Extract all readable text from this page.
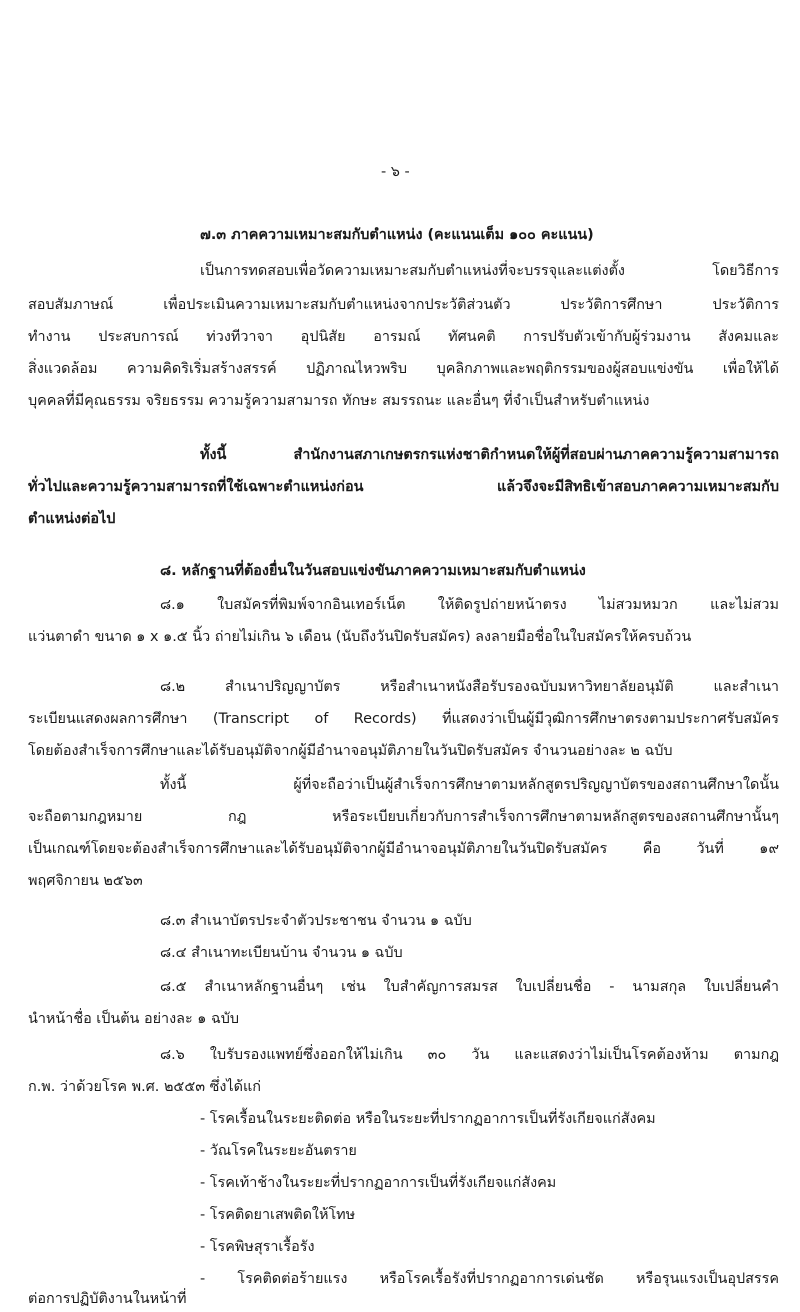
- ๖ -

๗.๓ ภาคความเหมาะสมกับตำแหน่ง (คะแนนเต็ม ๑๐๐ คะแนน)

เป็นการทดสอบเพื่อวัดความเหมาะสมกับตำแหน่งที่จะบรรจุและแต่งตั้ง โดยวิธีการ

สอบสัมภาษณ์ เพื่อประเมินความเหมาะสมกับตำแหน่งจากประวัติส่วนตัว ประวัติการศึกษา ประวัติการ

ทำงาน ประสบการณ์ ท่วงทีวาจา อุปนิสัย อารมณ์ ทัศนคติ การปรับตัวเข้ากับผู้ร่วมงาน สังคมและ

สิ่งแวดล้อม ความคิดริเริ่มสร้างสรรค์ ปฏิภาณไหวพริบ บุคลิกภาพและพฤติกรรมของผู้สอบแข่งขัน เพื่อให้ได้

บุคคลที่มีคุณธรรม จริยธรรม ความรู้ความสามารถ ทักษะ สมรรถนะ และอื่นๆ ที่จำเป็นสำหรับตำแหน่ง

ทั้งนี้ สำนักงานสภาเกษตรกรแห่งชาติกำหนดให้ผู้ที่สอบผ่านภาคความรู้ความสามารถ

ทั่วไปและความรู้ความสามารถที่ใช้เฉพาะตำแหน่งก่อน แล้วจึงจะมีสิทธิเข้าสอบภาคความเหมาะสมกับ

ตำแหน่งต่อไป

๘. หลักฐานที่ต้องยื่นในวันสอบแข่งขันภาคความเหมาะสมกับตำแหน่ง

๘.๑ ใบสมัครที่พิมพ์จากอินเทอร์เน็ต ให้ติดรูปถ่ายหน้าตรง ไม่สวมหมวก และไม่สวม

แว่นตาดำ ขนาด ๑ x ๑.๕ นิ้ว ถ่ายไม่เกิน ๖ เดือน (นับถึงวันปิดรับสมัคร) ลงลายมือชื่อในใบสมัครให้ครบถ้วน

๘.๒ สำเนาปริญญาบัตร หรือสำเนาหนังสือรับรองฉบับมหาวิทยาลัยอนุมัติ และสำเนา

ระเบียนแสดงผลการศึกษา (Transcript of Records) ที่แสดงว่าเป็นผู้มีวุฒิการศึกษาตรงตามประกาศรับสมัคร

โดยต้องสำเร็จการศึกษาและได้รับอนุมัติจากผู้มีอำนาจอนุมัติภายในวันปิดรับสมัคร จำนวนอย่างละ ๒ ฉบับ

ทั้งนี้ ผู้ที่จะถือว่าเป็นผู้สำเร็จการศึกษาตามหลักสูตรปริญญาบัตรของสถานศึกษาใดนั้น

จะถือตามกฎหมาย กฎ หรือระเบียบเกี่ยวกับการสำเร็จการศึกษาตามหลักสูตรของสถานศึกษานั้นๆ

เป็นเกณฑ์โดยจะต้องสำเร็จการศึกษาและได้รับอนุมัติจากผู้มีอำนาจอนุมัติภายในวันปิดรับสมัคร คือ วันที่ ๑๙

พฤศจิกายน ๒๕๖๓

๘.๓ สำเนาบัตรประจำตัวประชาชน จำนวน ๑ ฉบับ

๘.๔ สำเนาทะเบียนบ้าน จำนวน ๑ ฉบับ

๘.๕ สำเนาหลักฐานอื่นๆ เช่น ใบสำคัญการสมรส ใบเปลี่ยนชื่อ - นามสกุล ใบเปลี่ยนคำ

นำหน้าชื่อ เป็นต้น อย่างละ ๑ ฉบับ

๘.๖ ใบรับรองแพทย์ซึ่งออกให้ไม่เกิน ๓๐ วัน และแสดงว่าไม่เป็นโรคต้องห้าม ตามกฎ

ก.พ. ว่าด้วยโรค พ.ศ. ๒๕๕๓ ซึ่งได้แก่

- โรคเรื้อนในระยะติดต่อ หรือในระยะที่ปรากฏอาการเป็นที่รังเกียจแก่สังคม

- วัณโรคในระยะอันตราย

- โรคเท้าช้างในระยะที่ปรากฏอาการเป็นที่รังเกียจแก่สังคม

- โรคติดยาเสพติดให้โทษ

- โรคพิษสุราเรื้อรัง

- โรคติดต่อร้ายแรง หรือโรคเรื้อรังที่ปรากฏอาการเด่นชัด หรือรุนแรงเป็นอุปสรรค

ต่อการปฏิบัติงานในหน้าที่
